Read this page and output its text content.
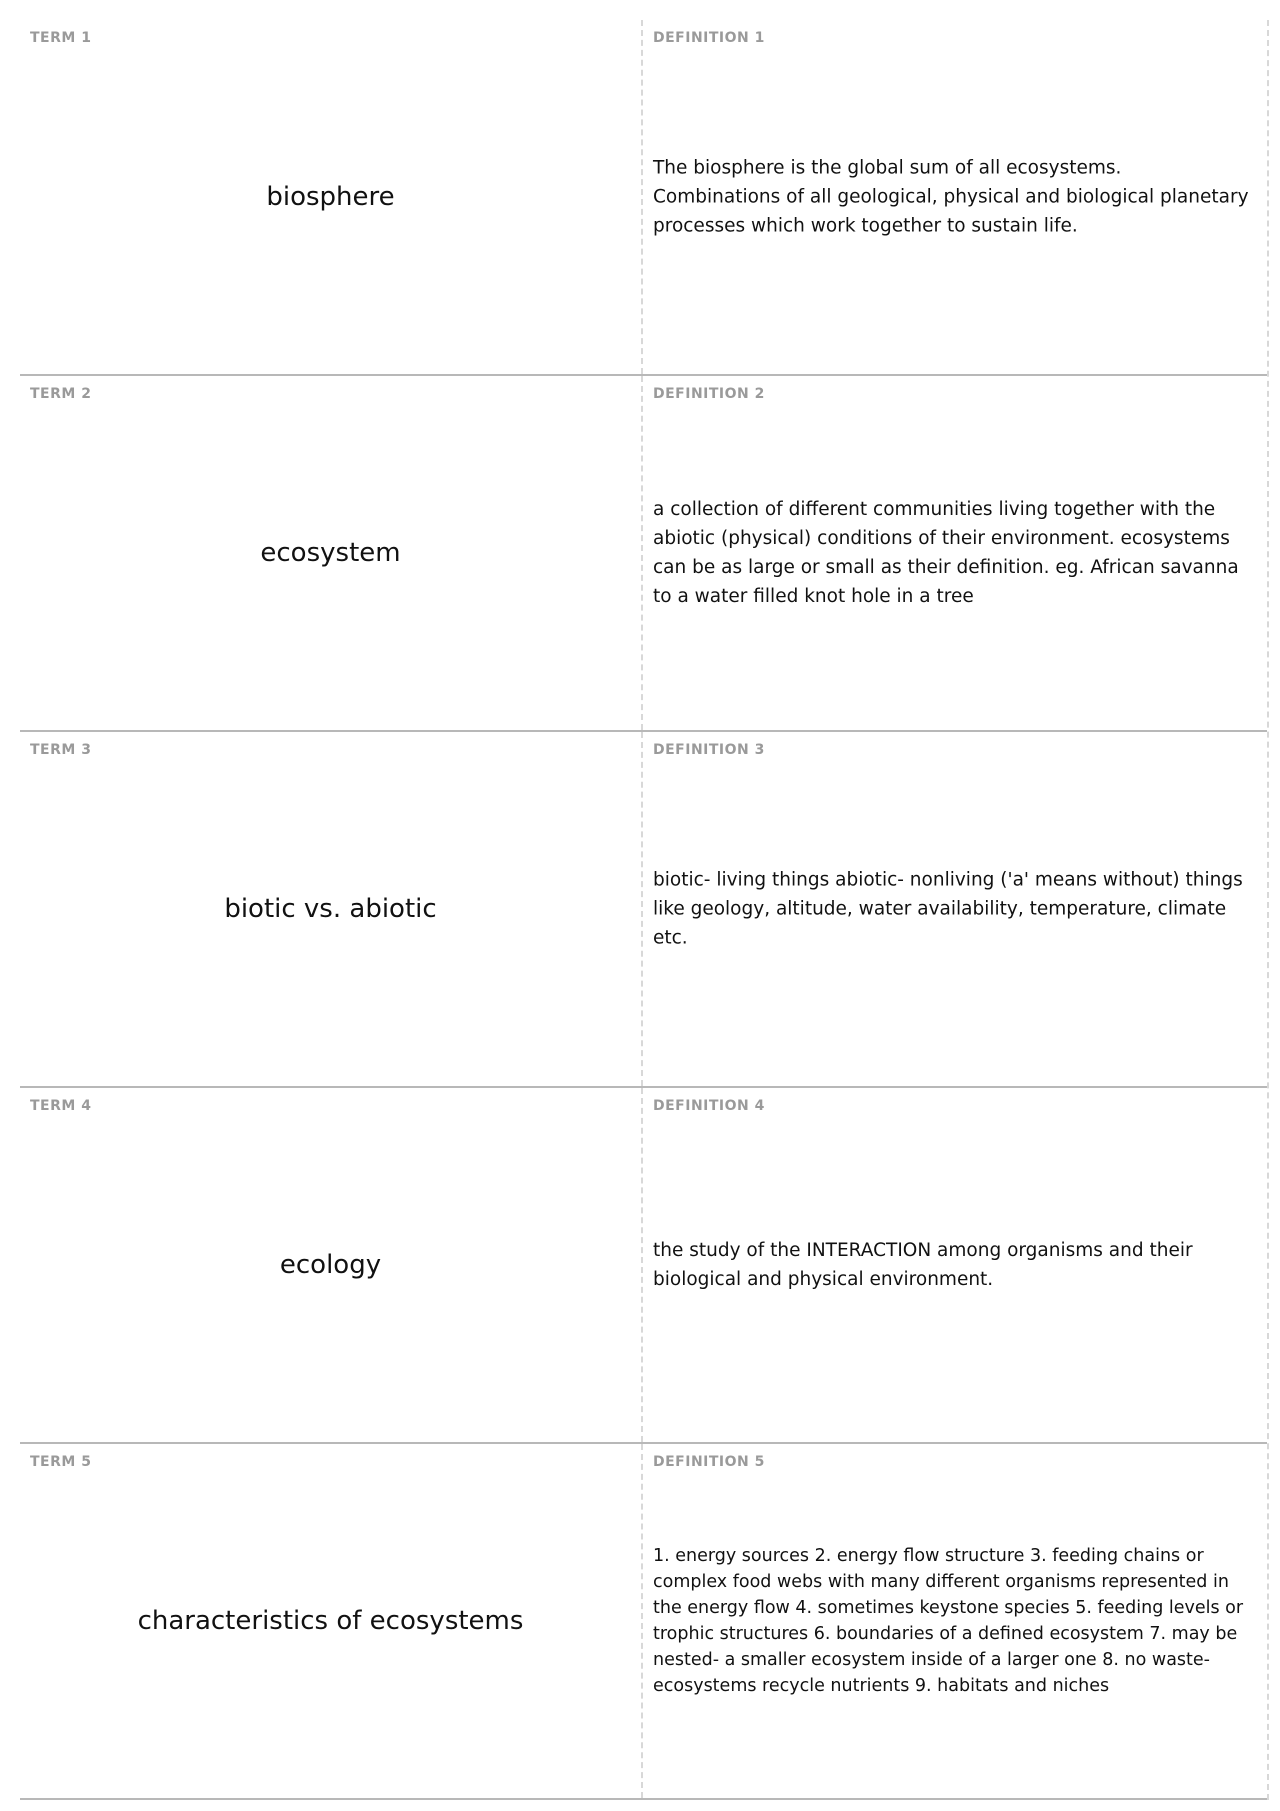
TERM 1
biosphere
DEFINITION 1
The biosphere is the global sum of all ecosystems. Combinations of all geological, physical and biological planetary processes which work together to sustain life.
TERM 2
ecosystem
DEFINITION 2
a collection of different communities living together with the abiotic (physical) conditions of their environment. ecosystems can be as large or small as their definition. eg. African savanna to a water filled knot hole in a tree
TERM 3
biotic vs. abiotic
DEFINITION 3
biotic- living things abiotic- nonliving ('a' means without) things like geology, altitude, water availability, temperature, climate etc.
TERM 4
ecology
DEFINITION 4
the study of the INTERACTION among organisms and their biological and physical environment.
TERM 5
characteristics of ecosystems
DEFINITION 5
1. energy sources 2. energy flow structure 3. feeding chains or complex food webs with many different organisms represented in the energy flow 4. sometimes keystone species 5. feeding levels or trophic structures 6. boundaries of a defined ecosystem 7. may be nested- a smaller ecosystem inside of a larger one 8. no waste- ecosystems recycle nutrients 9. habitats and niches
